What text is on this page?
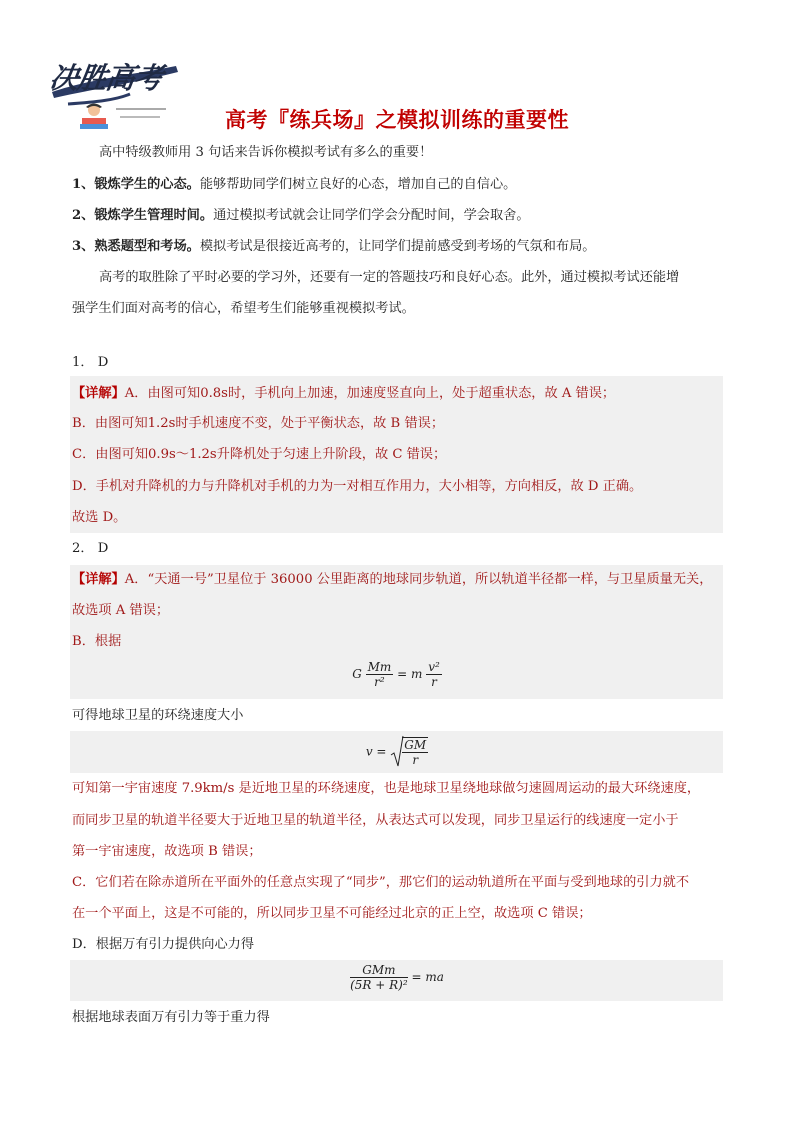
决胜高考
高考『练兵场』之模拟训练的重要性
高中特级教师用 3 句话来告诉你模拟考试有多么的重要！
1、锻炼学生的心态。能够帮助同学们树立良好的心态，增加自己的自信心。
2、锻炼学生管理时间。通过模拟考试就会让同学们学会分配时间，学会取舍。
3、熟悉题型和考场。模拟考试是很接近高考的，让同学们提前感受到考场的气氛和布局。
高考的取胜除了平时必要的学习外，还要有一定的答题技巧和良好心态。此外，通过模拟考试还能增
强学生们面对高考的信心，希望考生们能够重视模拟考试。
1． D
【详解】A．由图可知0.8s时，手机向上加速，加速度竖直向上，处于超重状态，故 A 错误；
B．由图可知1.2s时手机速度不变，处于平衡状态，故 B 错误；
C．由图可知0.9s～1.2s升降机处于匀速上升阶段，故 C 错误；
D．手机对升降机的力与升降机对手机的力为一对相互作用力，大小相等，方向相反，故 D 正确。
故选 D。
2． D
【详解】A．“天通一号”卫星位于 36000 公里距离的地球同步轨道，所以轨道半径都一样，与卫星质量无关，
故选项 A 错误；
B．根据
G $\frac{Mm}{\text{r²}} = m \frac{\text{v²}}{r}$
可得地球卫星的环绕速度大小
$v = \frac{GM}{r}$
可知第一宇宙速度 7.9km/s 是近地卫星的环绕速度，也是地球卫星绕地球做匀速圆周运动的最大环绕速度，
而同步卫星的轨道半径要大于近地卫星的轨道半径，从表达式可以发现，同步卫星运行的线速度一定小于
第一宇宙速度，故选项 B 错误；
C．它们若在除赤道所在平面外的任意点实现了“同步”，那它们的运动轨道所在平面与受到地球的引力就不
在一个平面上，这是不可能的，所以同步卫星不可能经过北京的正上空，故选项 C 错误；
D．根据万有引力提供向心力得
$\frac{\text{GMm}}{\text{(5R + R)²}}$ = ma
根据地球表面万有引力等于重力得
